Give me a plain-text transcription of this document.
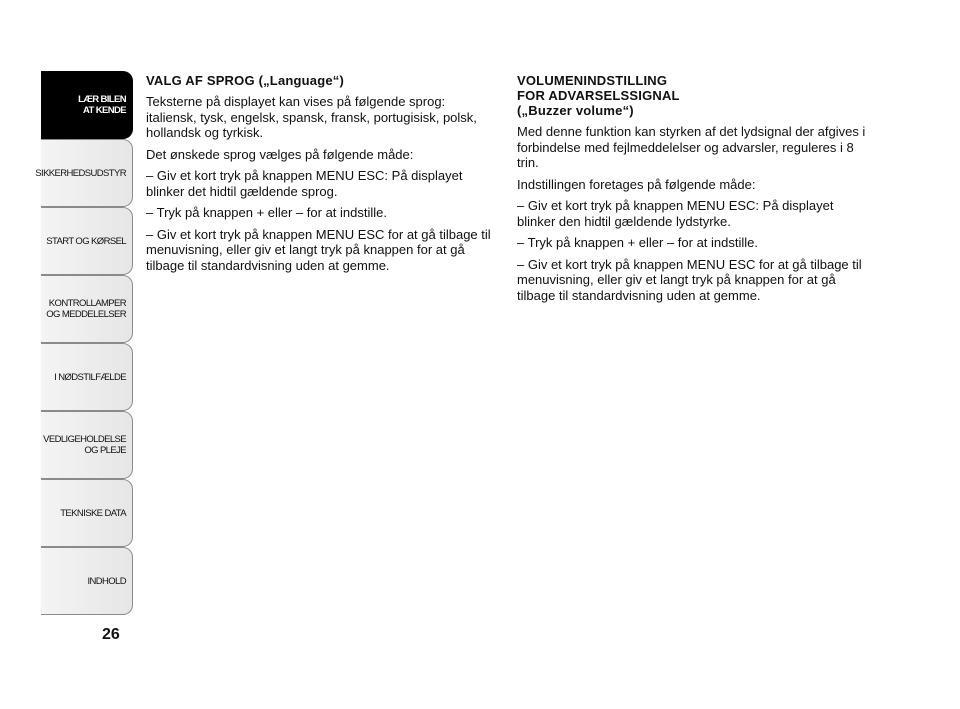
LÆR BILEN
AT KENDE
SIKKERHEDSUDSTYR
START OG KØRSEL
KONTROLLAMPER
OG MEDDELELSER
I NØDSTILFÆLDE
VEDLIGEHOLDELSE
OG PLEJE
TEKNISKE DATA
INDHOLD
26
VALG AF SPROG („Language“)

Teksterne på displayet kan vises på følgende sprog: italiensk, tysk, engelsk, spansk, fransk, portugisisk, polsk, hollandsk og tyrkisk.

Det ønskede sprog vælges på følgende måde:

– Giv et kort tryk på knappen MENU ESC: På displayet blinker det hidtil gældende sprog.

– Tryk på knappen + eller – for at indstille.

– Giv et kort tryk på knappen MENU ESC for at gå tilbage til menuvisning, eller giv et langt tryk på knappen for at gå tilbage til standardvisning uden at gemme.

VOLUMENINDSTILLING
FOR ADVARSELSSIGNAL
(„Buzzer volume“)

Med denne funktion kan styrken af det lydsignal der afgives i forbindelse med fejlmeddelelser og advarsler, reguleres i 8 trin.

Indstillingen foretages på følgende måde:

– Giv et kort tryk på knappen MENU ESC: På displayet blinker den hidtil gældende lydstyrke.

– Tryk på knappen + eller – for at indstille.

– Giv et kort tryk på knappen MENU ESC for at gå tilbage til menuvisning, eller giv et langt tryk på knappen for at gå tilbage til standardvisning uden at gemme.
